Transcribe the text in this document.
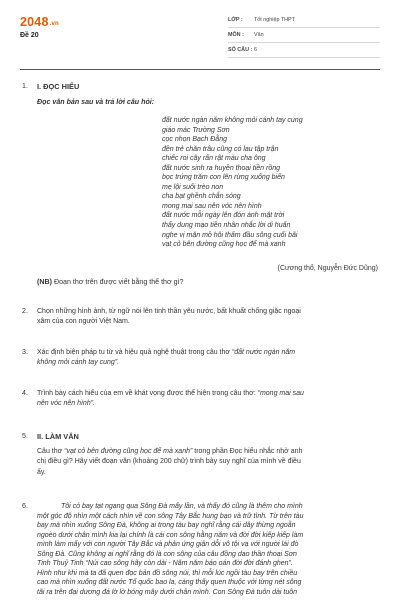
2048.vn
Đề 20
LỚP : Tốt nghiệp THPT
MÔN : Văn
SỐ CÂU : 6
1. I. ĐỌC HIỂU
Đọc văn bản sau và trả lời câu hỏi:
đất nước ngàn năm không mỏi cánh tay cung
giáo mác Trường Sơn
cọc nhọn Bạch Đằng
đền trẻ chăn trâu cũng có lau tập trận
chiếc roi cây rấn rật màu cha ông
đất nước sinh ra huyền thoại tiền rồng
bọc trứng trăm con lên rừng xuống biển
mẹ lội suối trèo non
cha bạt ghềnh chắn sóng
mong mai sau nên vóc nên hình
đất nước mỗi ngày lên đón ánh mặt trời
thấy dung mạo tiền nhân nhắc lời di huấn
nghe vị mặn mồ hôi thấm đầu sông cuối bãi
vạt cỏ bên đường cũng học để mà xanh
(Cương thổ, Nguyễn Đức Dũng)
(NB) Đoạn thơ trên được viết bằng thể thơ gì?
2. Chọn những hình ảnh, từ ngữ nói lên tinh thần yêu nước, bất khuất chống giặc ngoại
xâm của con người Việt Nam.
3. Xác định biện pháp tu từ và hiệu quả nghệ thuật trong câu thơ “đất nước ngàn năm
không mỏi cánh tay cung”.
4. Trình bày cách hiểu của em về khát vọng được thể hiện trong câu thơ: “mong mai sau
nên vóc nên hình”.
5. II. LÀM VĂN
Câu thơ “vạt cỏ bên đường cũng học để mà xanh” trong phần Đọc hiểu nhắc nhở anh
chị điều gì? Hãy viết đoạn văn (khoảng 200 chữ) trình bày suy nghĩ của mình về điều
ấy.
6.	Tôi có bay tạt ngang qua Sông Đà mấy lần, và thấy đó cũng là thêm cho mình
một góc độ nhìn một cách nhìn về con sông Tây Bắc hung bạo và trữ tình. Từ trên tàu
bay mà nhìn xuống Sông Đà, không ai trong tàu bay nghĩ rằng cái dây thừng ngoằn
ngoèo dưới chân mình kia lại chính là cái con sông hằng năm và đời đời kiếp kiếp làm
mình làm mẩy với con người Tây Bắc và phản ứng giận dỗi vô tội vạ với người lái đò
Sông Đà. Cũng không ai nghĩ rằng đó là con sông của câu đồng dao thần thoại Sơn
Tinh Thuỷ Tinh “Núi cao sông hãy còn dài - Năm năm báo oán đời đời đánh ghen”.
Hình như khi mà ta đã quen đọc bản đồ sông núi, thì mỗi lúc ngồi tàu bay trên chiều
cao mà nhìn xuống đất nước Tổ quốc bao la, càng thấy quen thuộc với từng nét sông
tãi ra trên đại dương đá lờ lờ bóng mây dưới chân mình. Con Sông Đà tuôn dài tuôn
